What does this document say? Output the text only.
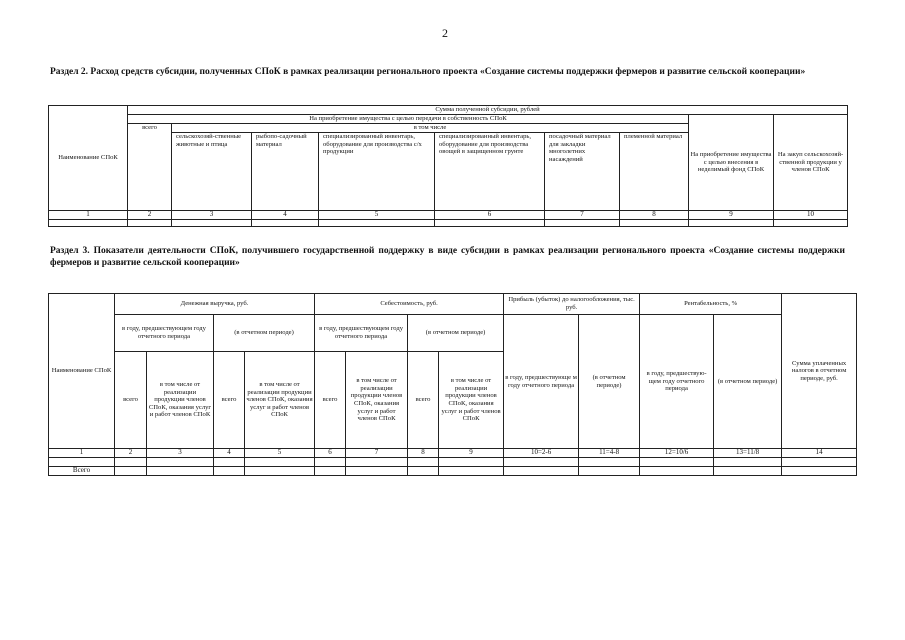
2
Раздел 2. Расход средств субсидии, полученных СПоК в рамках реализации регионального проекта «Создание системы поддержки фермеров и развитие сельской кооперации»
Наименование СПоК	Сумма полученной субсидии, рублей								
	На приобретение имущества с целью передачи в собственность СПоК							На приобретение имущества с целью внесения в неделимый фонд СПоК	На закуп сельскохозяй-ственной продукции у членов СПоК
	всего	в том числе							
		сельскохозяй-ственные животные и птица	рыбопо-садочный материал	специализированный инвентарь, оборудование для производства с/х продукции	специализированный инвентарь, оборудование для производства овощей в защищенном грунте	посадочный материал для закладки многолетних насаждений	племенной материал		
1	2	3	4	5	6	7	8	9	10

Раздел 3. Показатели деятельности СПоК, получившего государственной поддержку в виде субсидии в рамках реализации регионального проекта «Создание системы поддержки фермеров и развитие сельской кооперации»
Наименование СПоК	Денежная выручка, руб.				Себестоимость, руб.				Прибыль (убыток) до налогообложения, тыс. руб.		Рентабельность, %		Сумма уплаченных налогов в отчетном периоде, руб.
	в году, предшествующем году отчетного периода		(в отчетном периоде)		в году, предшествующем году отчетного периода		(в отчетном периоде)		в году, предшествующе м году отчетного периода	(в отчетном периоде)	в году, предшествую-щем году отчетного периода	(в отчетном периоде)	
	всего	в том числе от реализации продукции членов СПоК, оказания услуг и работ членов СПоК	всего	в том числе от реализации продукции членов СПоК, оказания услуг и работ членов СПоК	всего	в том числе от реализации продукции членов СПоК, оказания услуг и работ членов СПоК	всего	в том числе от реализации продукции членов СПоК, оказания услуг и работ членов СПоК					
1	2	3	4	5	6	7	8	9	10=2-6	11=4-8	12=10/6	13=11/8	14

Всего													
